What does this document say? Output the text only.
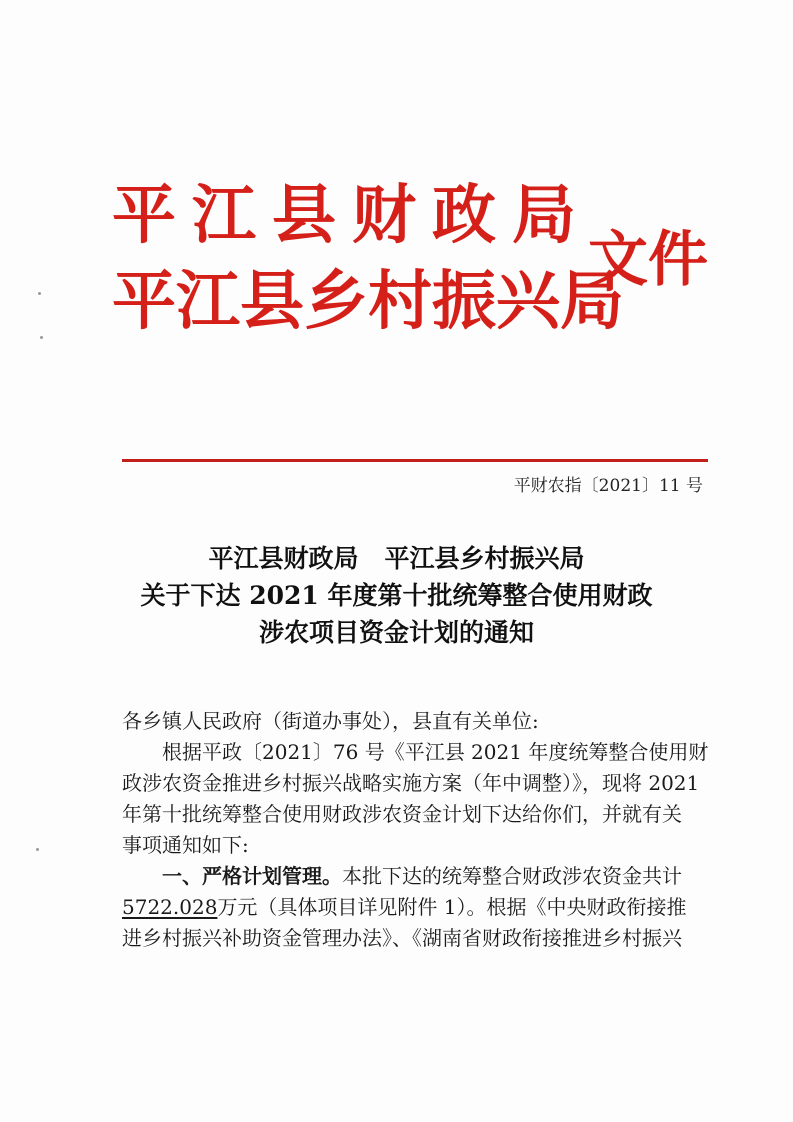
平江县财政局
平江县乡村振兴局
文件
平财农指〔2021〕11 号
平江县财政局 平江县乡村振兴局
关于下达 2021 年度第十批统筹整合使用财政
涉农项目资金计划的通知

各乡镇人民政府（街道办事处），县直有关单位:

根据平政〔2021〕76 号《平江县 2021 年度统筹整合使用财
政涉农资金推进乡村振兴战略实施方案（年中调整）》，现将 2021
年第十批统筹整合使用财政涉农资金计划下达给你们，并就有关
事项通知如下:

一、严格计划管理。本批下达的统筹整合财政涉农资金共计
5722.028万元（具体项目详见附件 1）。根据《中央财政衔接推
进乡村振兴补助资金管理办法》、《湖南省财政衔接推进乡村振兴
